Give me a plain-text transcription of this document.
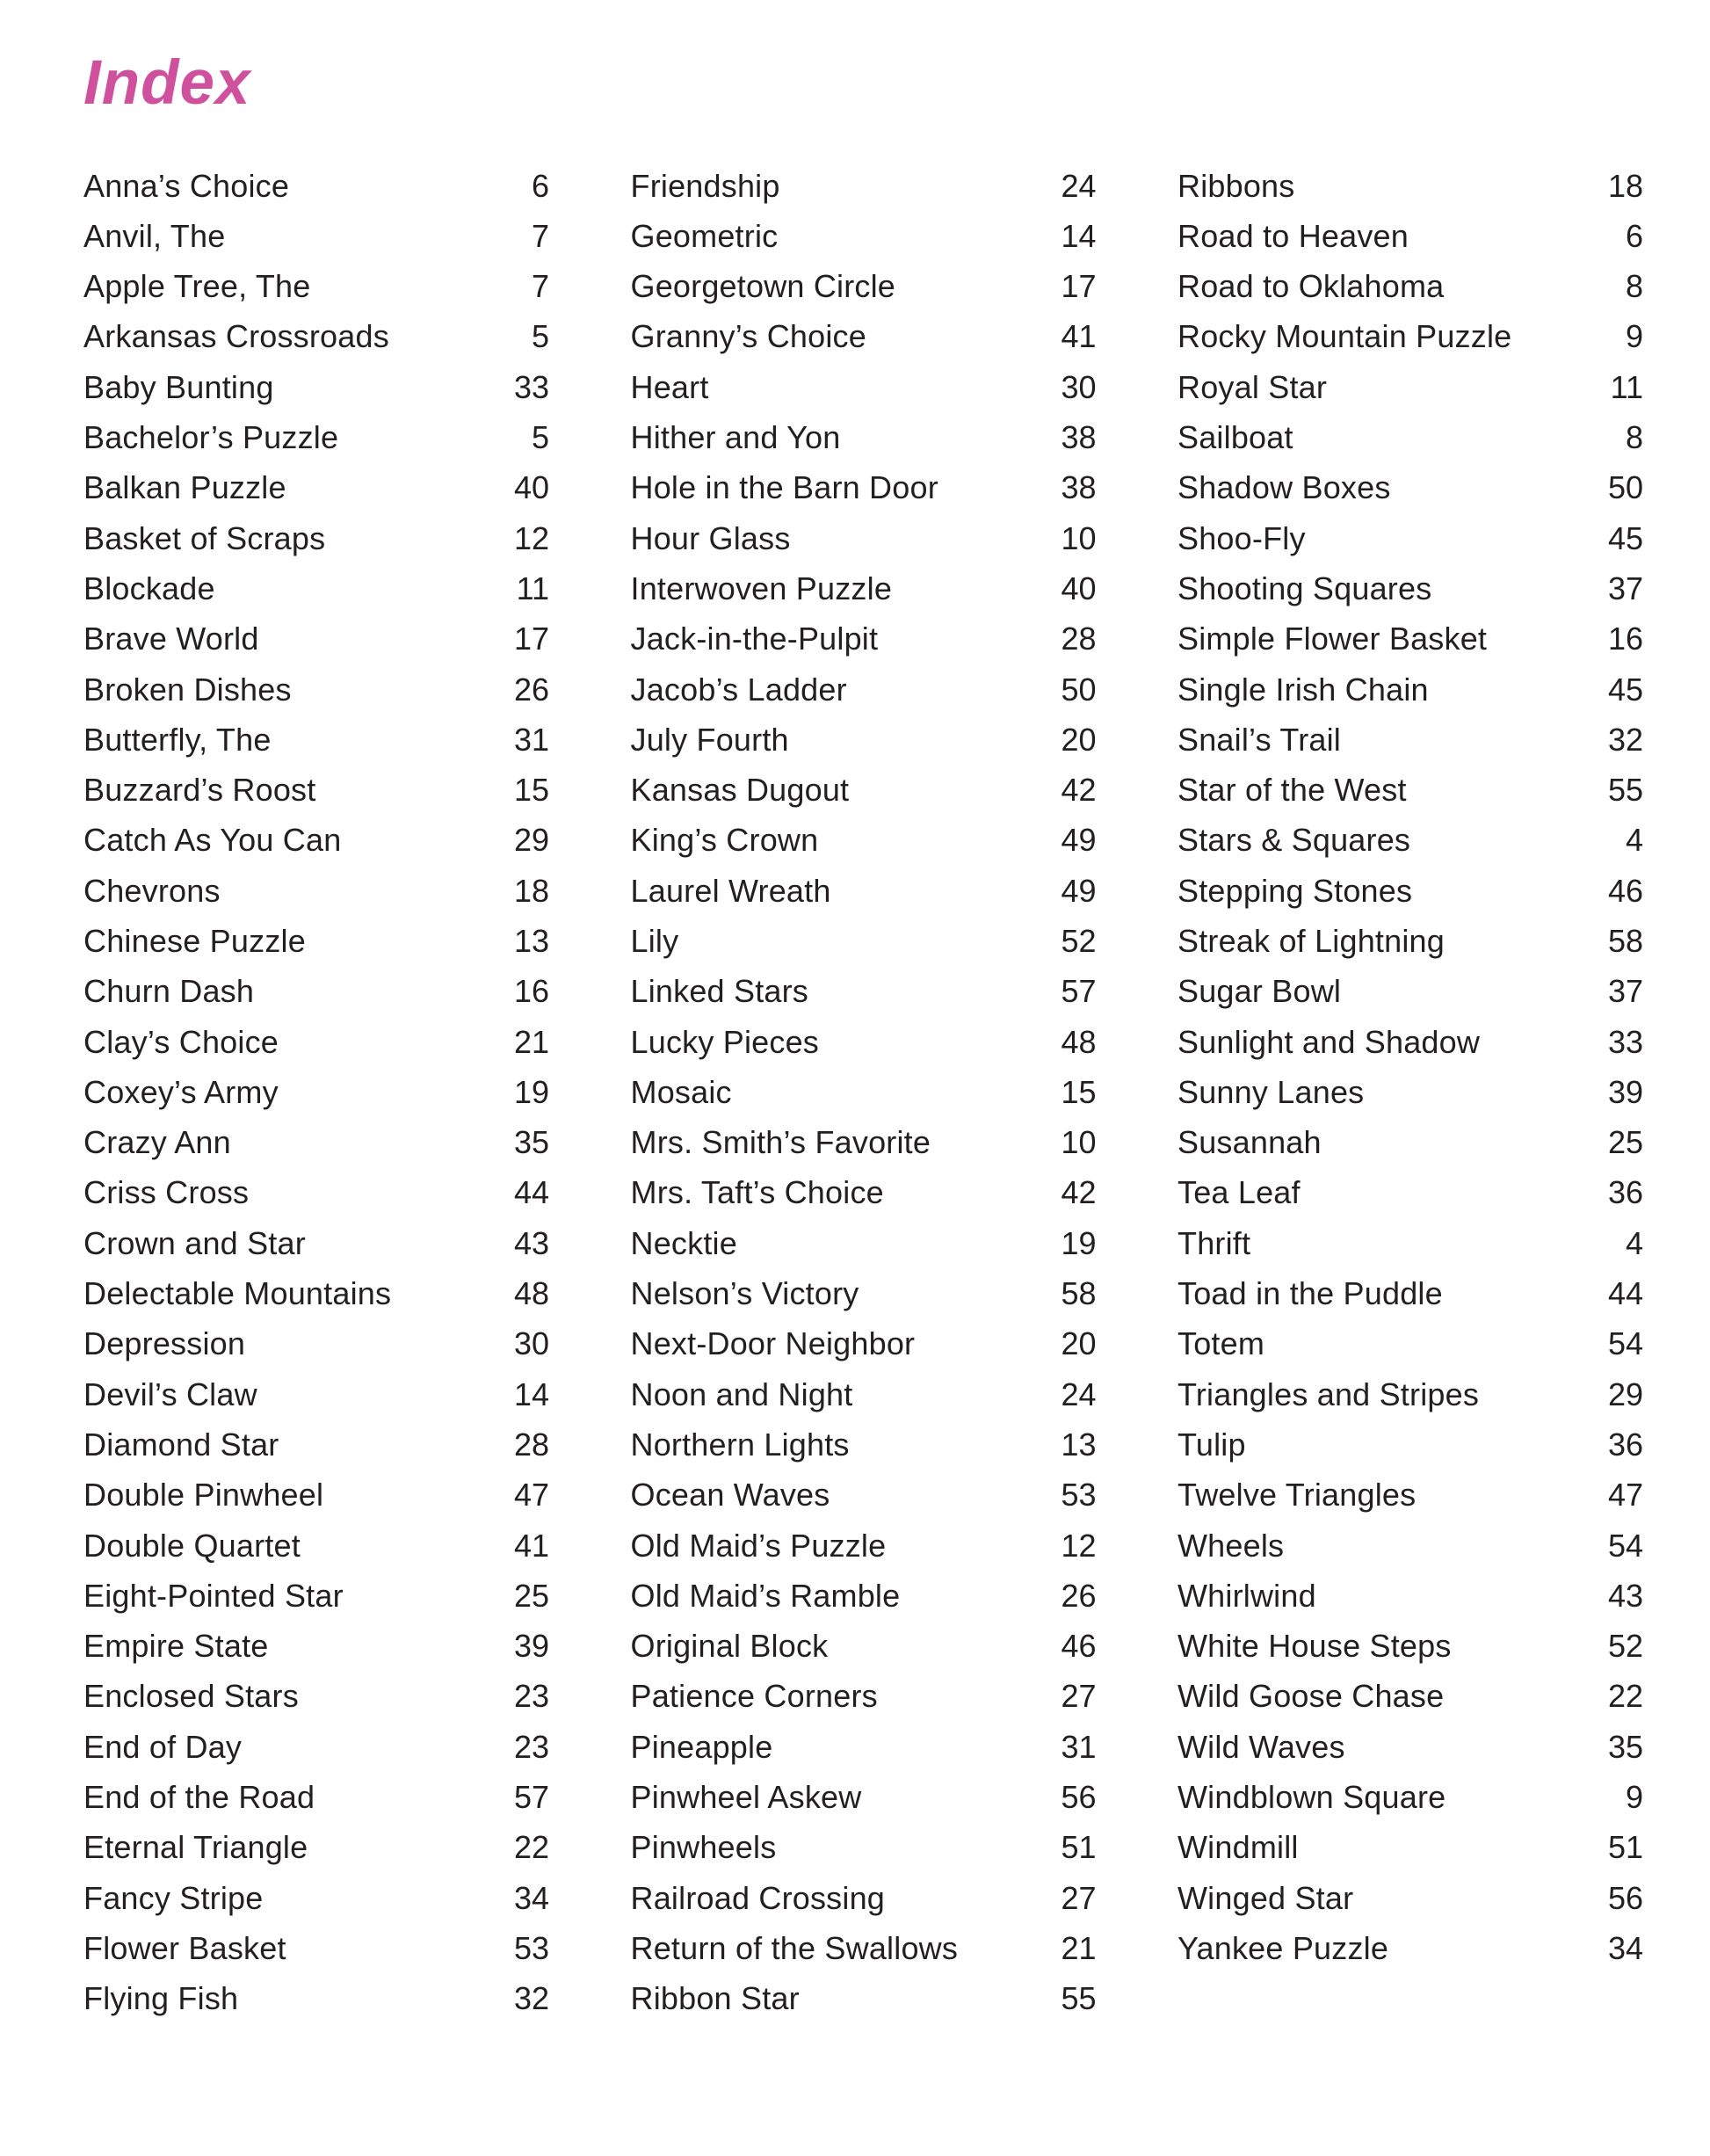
Index
Anna’s Choice	6
Anvil, The	7
Apple Tree, The	7
Arkansas Crossroads	5
Baby Bunting	33
Bachelor’s Puzzle	5
Balkan Puzzle	40
Basket of Scraps	12
Blockade	11
Brave World	17
Broken Dishes	26
Butterfly, The	31
Buzzard’s Roost	15
Catch As You Can	29
Chevrons	18
Chinese Puzzle	13
Churn Dash	16
Clay’s Choice	21
Coxey’s Army	19
Crazy Ann	35
Criss Cross	44
Crown and Star	43
Delectable Mountains	48
Depression	30
Devil’s Claw	14
Diamond Star	28
Double Pinwheel	47
Double Quartet	41
Eight-Pointed Star	25
Empire State	39
Enclosed Stars	23
End of Day	23
End of the Road	57
Eternal Triangle	22
Fancy Stripe	34
Flower Basket	53
Flying Fish	32
Friendship	24
Geometric	14
Georgetown Circle	17
Granny’s Choice	41
Heart	30
Hither and Yon	38
Hole in the Barn Door	38
Hour Glass	10
Interwoven Puzzle	40
Jack-in-the-Pulpit	28
Jacob’s Ladder	50
July Fourth	20
Kansas Dugout	42
King’s Crown	49
Laurel Wreath	49
Lily	52
Linked Stars	57
Lucky Pieces	48
Mosaic	15
Mrs. Smith’s Favorite	10
Mrs. Taft’s Choice	42
Necktie	19
Nelson’s Victory	58
Next-Door Neighbor	20
Noon and Night	24
Northern Lights	13
Ocean Waves	53
Old Maid’s Puzzle	12
Old Maid’s Ramble	26
Original Block	46
Patience Corners	27
Pineapple	31
Pinwheel Askew	56
Pinwheels	51
Railroad Crossing	27
Return of the Swallows	21
Ribbon Star	55
Ribbons	18
Road to Heaven	6
Road to Oklahoma	8
Rocky Mountain Puzzle	9
Royal Star	11
Sailboat	8
Shadow Boxes	50
Shoo-Fly	45
Shooting Squares	37
Simple Flower Basket	16
Single Irish Chain	45
Snail’s Trail	32
Star of the West	55
Stars & Squares	4
Stepping Stones	46
Streak of Lightning	58
Sugar Bowl	37
Sunlight and Shadow	33
Sunny Lanes	39
Susannah	25
Tea Leaf	36
Thrift	4
Toad in the Puddle	44
Totem	54
Triangles and Stripes	29
Tulip	36
Twelve Triangles	47
Wheels	54
Whirlwind	43
White House Steps	52
Wild Goose Chase	22
Wild Waves	35
Windblown Square	9
Windmill	51
Winged Star	56
Yankee Puzzle	34
